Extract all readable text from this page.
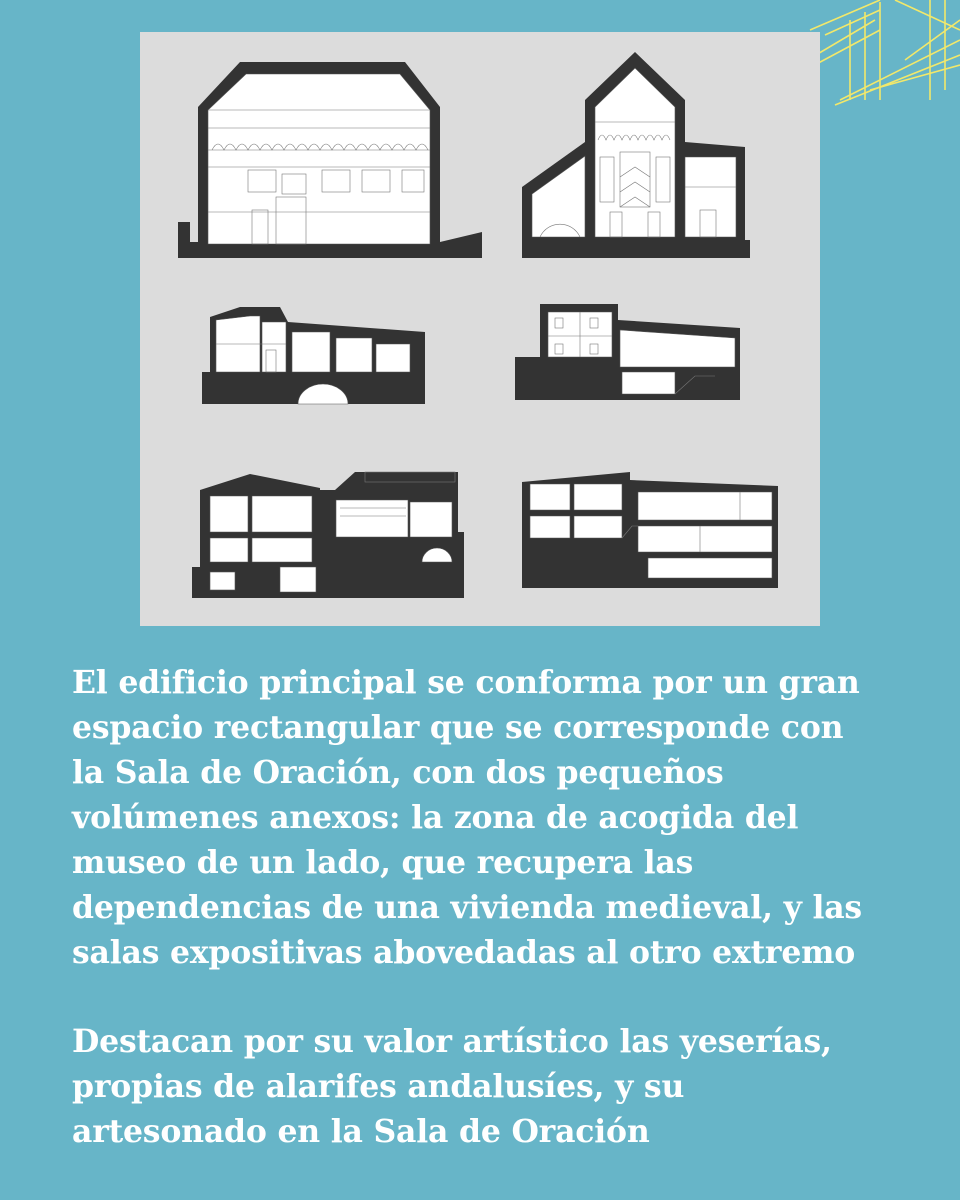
El edificio principal se conforma por un gran
espacio rectangular que se corresponde con
la Sala de Oración, con dos pequeños
volúmenes anexos: la zona de acogida del
museo de un lado, que recupera las
dependencias de una vivienda medieval, y las
salas expositivas abovedadas al otro extremo

Destacan por su valor artístico las yeserías,
propias de alarifes andalusíes, y su
artesonado en la Sala de Oración
